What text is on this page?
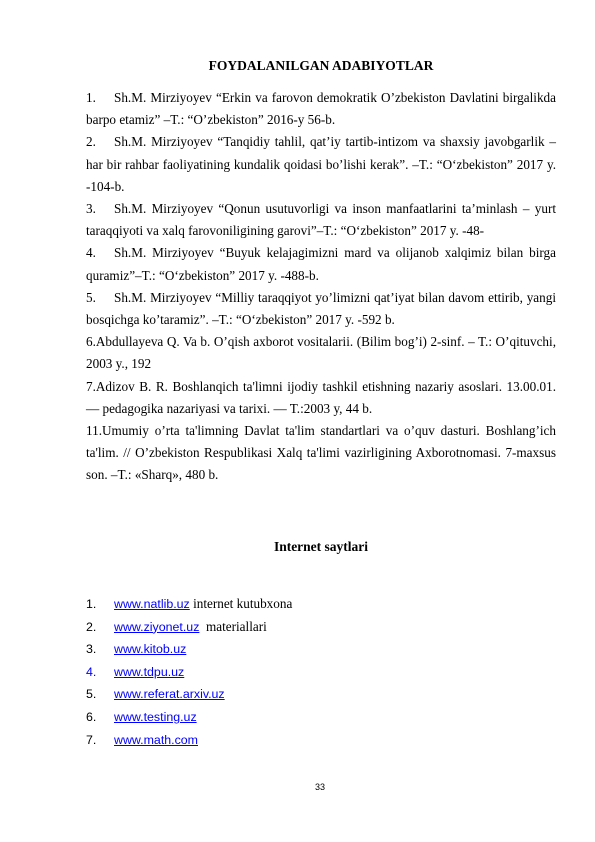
FOYDALANILGAN ADABIYOTLAR

1. Sh.M. Mirziyoyev “Erkin va farovon demokratik O’zbekiston Davlatini birgalikda barpo etamiz” –T.: “O’zbekiston” 2016-y 56-b.

2. Sh.M. Mirziyoyev “Tanqidiy tahlil, qat’iy tartib-intizom va shaxsiy javobgarlik – har bir rahbar faoliyatining kundalik qoidasi bo’lishi kerak”. –T.: “O‘zbekiston” 2017 y. -104-b.

3. Sh.M. Mirziyoyev “Qonun usutuvorligi va inson manfaatlarini ta’minlash – yurt taraqqiyoti va xalq farovoniligining garovi”–T.: “O‘zbekiston” 2017 y. -48-

4. Sh.M. Mirziyoyev “Buyuk kelajagimizni mard va olijanob xalqimiz bilan birga quramiz”–T.: “O‘zbekiston” 2017 y. -488-b.

5. Sh.M. Mirziyoyev “Milliy taraqqiyot yo’limizni qat’iyat bilan davom ettirib, yangi bosqichga ko’taramiz”. –T.: “O‘zbekiston” 2017 y. -592 b.

6.Abdullayeva Q. Va b. O’qish axborot vositalarii. (Bilim bog’i) 2-sinf. – T.: O’qituvchi, 2003 y., 192

7.Adizov B. R. Boshlanqich ta'limni ijodiy tashkil etishning nazariy asoslari. 13.00.01. — pedagogika nazariyasi va tarixi. — T.:2003 y, 44 b.

11.Umumiy o’rta ta'limning Davlat ta'lim standartlari va o’quv dasturi. Boshlang’ich ta'lim. // O’zbekiston Respublikasi Xalq ta'limi vazirligining Axborotnomasi. 7-maxsus son. –T.: «Sharq», 480 b.

Internet saytlari
1. www.natlib.uz internet kutubxona
2. www.ziyonet.uz  materiallari
3. www.kitob.uz
4. www.tdpu.uz
5. www.referat.arxiv.uz
6. www.testing.uz
7. www.math.com
33
